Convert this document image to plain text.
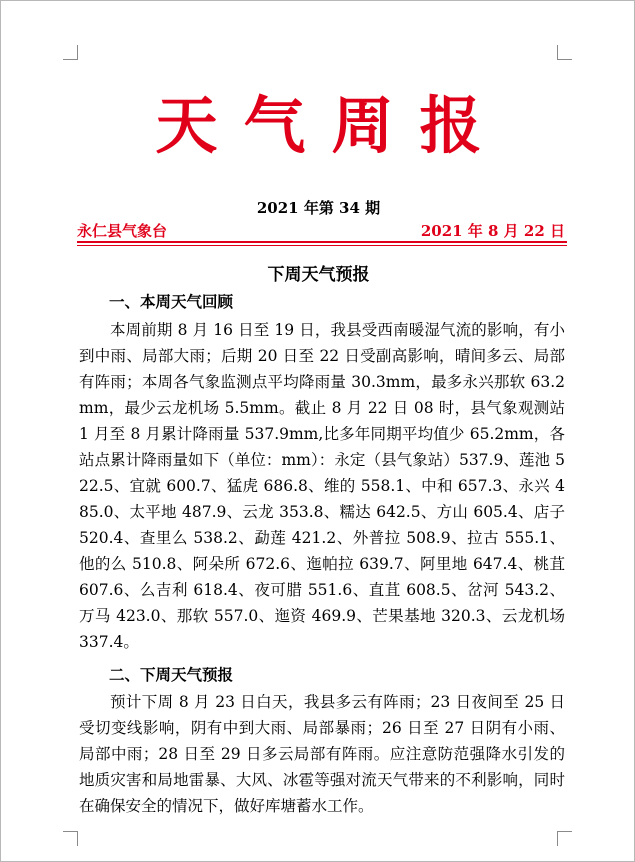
天气周报
2021 年第 34 期
永仁县气象台	2021 年 8 月 22 日
下周天气预报
一、本周天气回顾
本周前期 8 月 16 日至 19 日，我县受西南暖湿气流的影响，有小到中雨、局部大雨；后期 20 日至 22 日受副高影响，晴间多云、局部有阵雨；本周各气象监测点平均降雨量 30.3mm，最多永兴那软 63.2mm，最少云龙机场 5.5mm。截止 8 月 22 日 08 时，县气象观测站 1 月至 8 月累计降雨量 537.9mm,比多年同期平均值少 65.2mm，各站点累计降雨量如下（单位：mm）：永定（县气象站）537.9、莲池 522.5、宜就 600.7、猛虎 686.8、维的 558.1、中和 657.3、永兴 485.0、太平地 487.9、云龙 353.8、糯达 642.5、方山 605.4、店子 520.4、查里么 538.2、勐莲 421.2、外普拉 508.9、拉古 555.1、他的么 510.8、阿朵所 672.6、迤帕拉 639.7、阿里地 647.4、桃苴 607.6、么吉利 618.4、夜可腊 551.6、直苴 608.5、岔河 543.2、万马 423.0、那软 557.0、迤资 469.9、芒果基地 320.3、云龙机场 337.4。
二、下周天气预报
预计下周 8 月 23 日白天，我县多云有阵雨；23 日夜间至 25 日受切变线影响，阴有中到大雨、局部暴雨；26 日至 27 日阴有小雨、局部中雨；28 日至 29 日多云局部有阵雨。应注意防范强降水引发的地质灾害和局地雷暴、大风、冰雹等强对流天气带来的不利影响，同时在确保安全的情况下，做好库塘蓄水工作。
